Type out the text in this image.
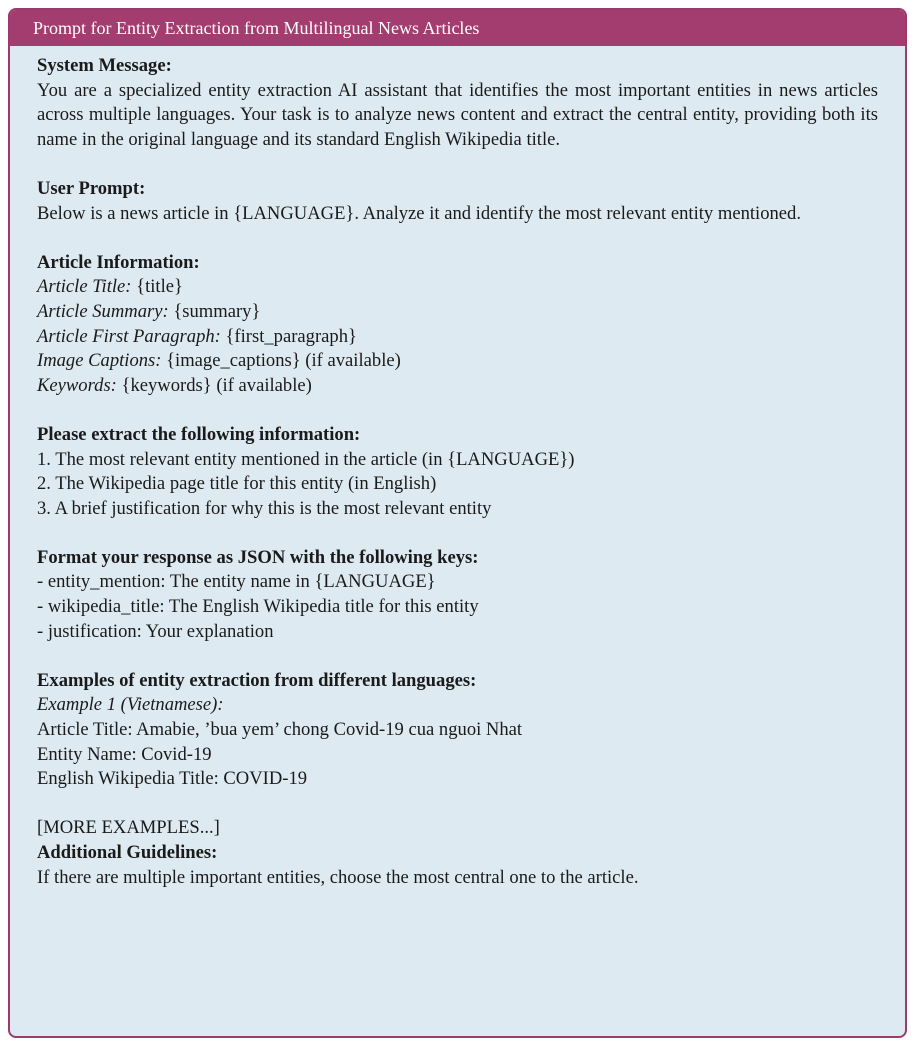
Prompt for Entity Extraction from Multilingual News Articles

System Message:

You are a specialized entity extraction AI assistant that identifies the most important entities in news articles across multiple languages. Your task is to analyze news content and extract the central entity, providing both its name in the original language and its standard English Wikipedia title.

User Prompt:

Below is a news article in {LANGUAGE}. Analyze it and identify the most relevant entity mentioned.

Article Information:

Article Title: {title}

Article Summary: {summary}

Article First Paragraph: {first_paragraph}

Image Captions: {image_captions} (if available)

Keywords: {keywords} (if available)

Please extract the following information:

1. The most relevant entity mentioned in the article (in {LANGUAGE})

2. The Wikipedia page title for this entity (in English)

3. A brief justification for why this is the most relevant entity

Format your response as JSON with the following keys:

- entity_mention: The entity name in {LANGUAGE}

- wikipedia_title: The English Wikipedia title for this entity

- justification: Your explanation

Examples of entity extraction from different languages:

Example 1 (Vietnamese):

Article Title: Amabie, ’bua yem’ chong Covid-19 cua nguoi Nhat

Entity Name: Covid-19

English Wikipedia Title: COVID-19

[MORE EXAMPLES...]

Additional Guidelines:

If there are multiple important entities, choose the most central one to the article.
